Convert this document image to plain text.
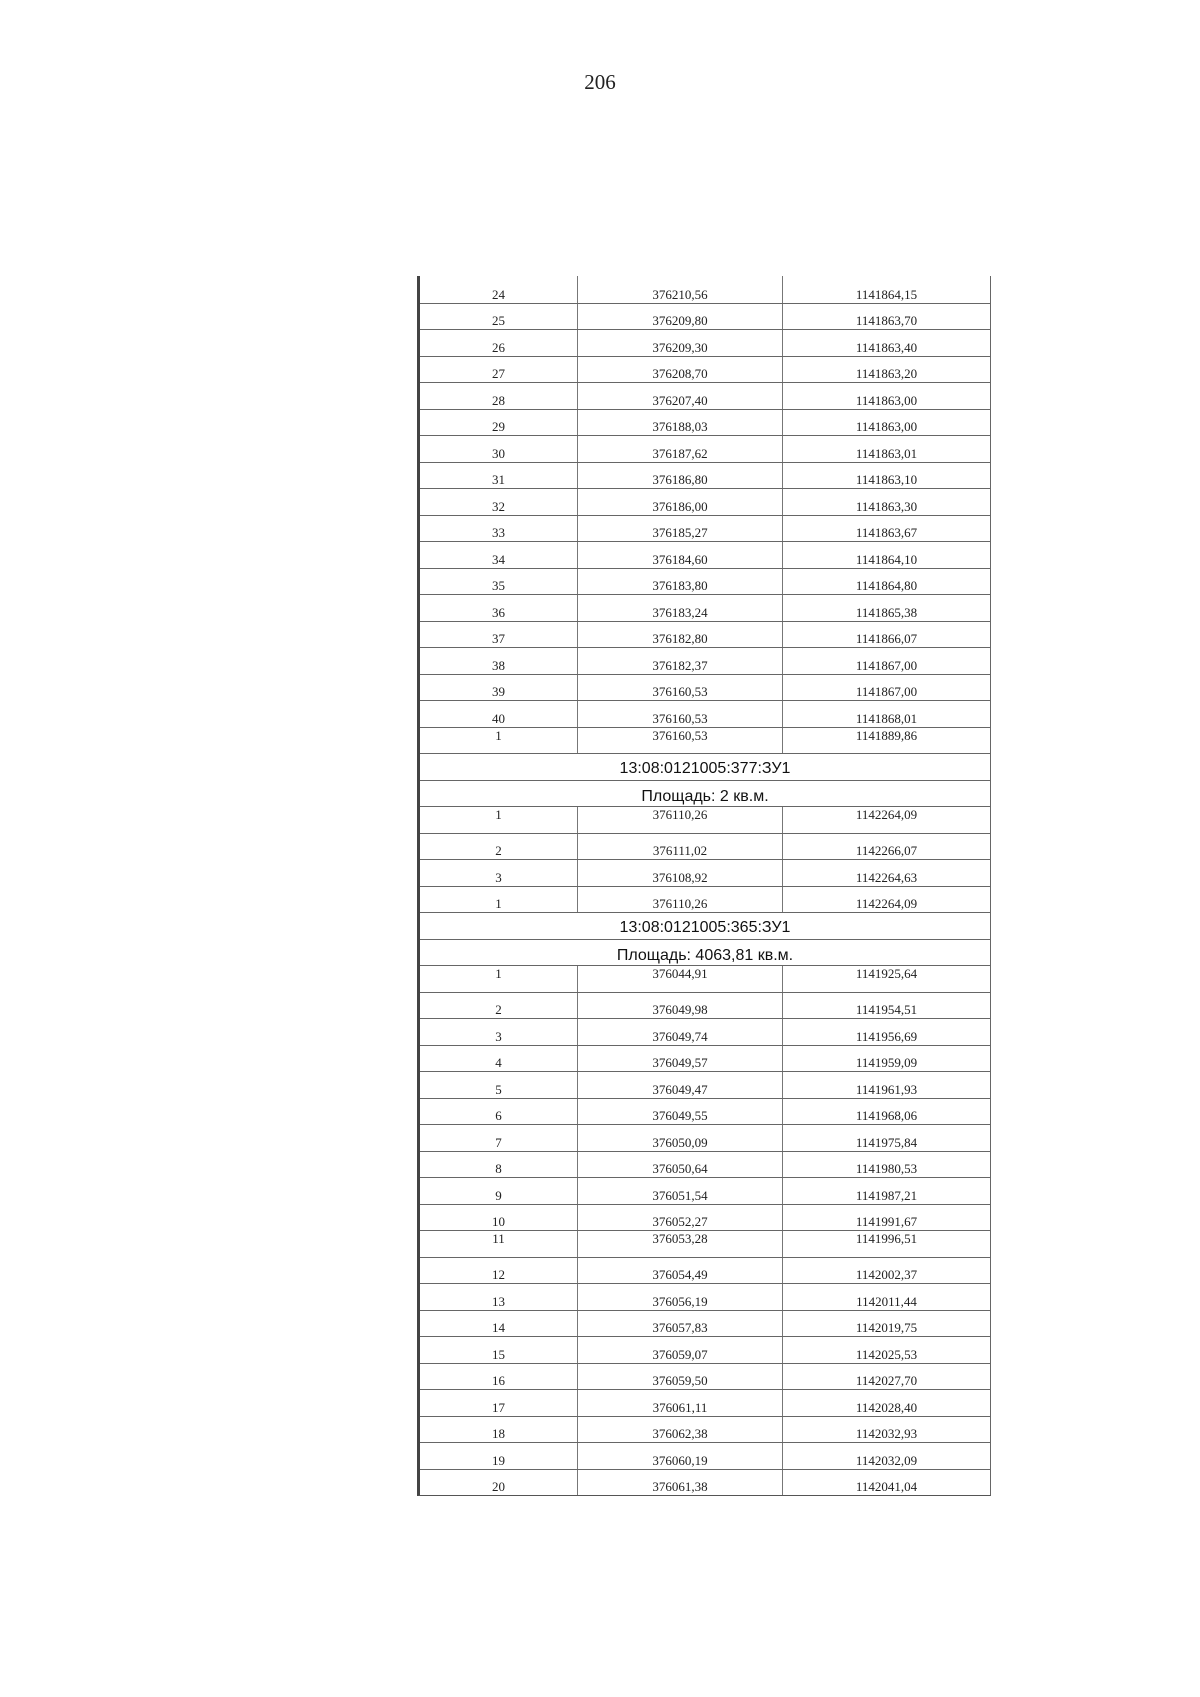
206
24	376210,56	1141864,15
25	376209,80	1141863,70
26	376209,30	1141863,40
27	376208,70	1141863,20
28	376207,40	1141863,00
29	376188,03	1141863,00
30	376187,62	1141863,01
31	376186,80	1141863,10
32	376186,00	1141863,30
33	376185,27	1141863,67
34	376184,60	1141864,10
35	376183,80	1141864,80
36	376183,24	1141865,38
37	376182,80	1141866,07
38	376182,37	1141867,00
39	376160,53	1141867,00
40	376160,53	1141868,01
1	376160,53	1141889,86
13:08:0121005:377:ЗУ1
Площадь: 2 кв.м.
1	376110,26	1142264,09
2	376111,02	1142266,07
3	376108,92	1142264,63
1	376110,26	1142264,09
13:08:0121005:365:ЗУ1
Площадь: 4063,81 кв.м.
1	376044,91	1141925,64
2	376049,98	1141954,51
3	376049,74	1141956,69
4	376049,57	1141959,09
5	376049,47	1141961,93
6	376049,55	1141968,06
7	376050,09	1141975,84
8	376050,64	1141980,53
9	376051,54	1141987,21
10	376052,27	1141991,67
11	376053,28	1141996,51
12	376054,49	1142002,37
13	376056,19	1142011,44
14	376057,83	1142019,75
15	376059,07	1142025,53
16	376059,50	1142027,70
17	376061,11	1142028,40
18	376062,38	1142032,93
19	376060,19	1142032,09
20	376061,38	1142041,04
